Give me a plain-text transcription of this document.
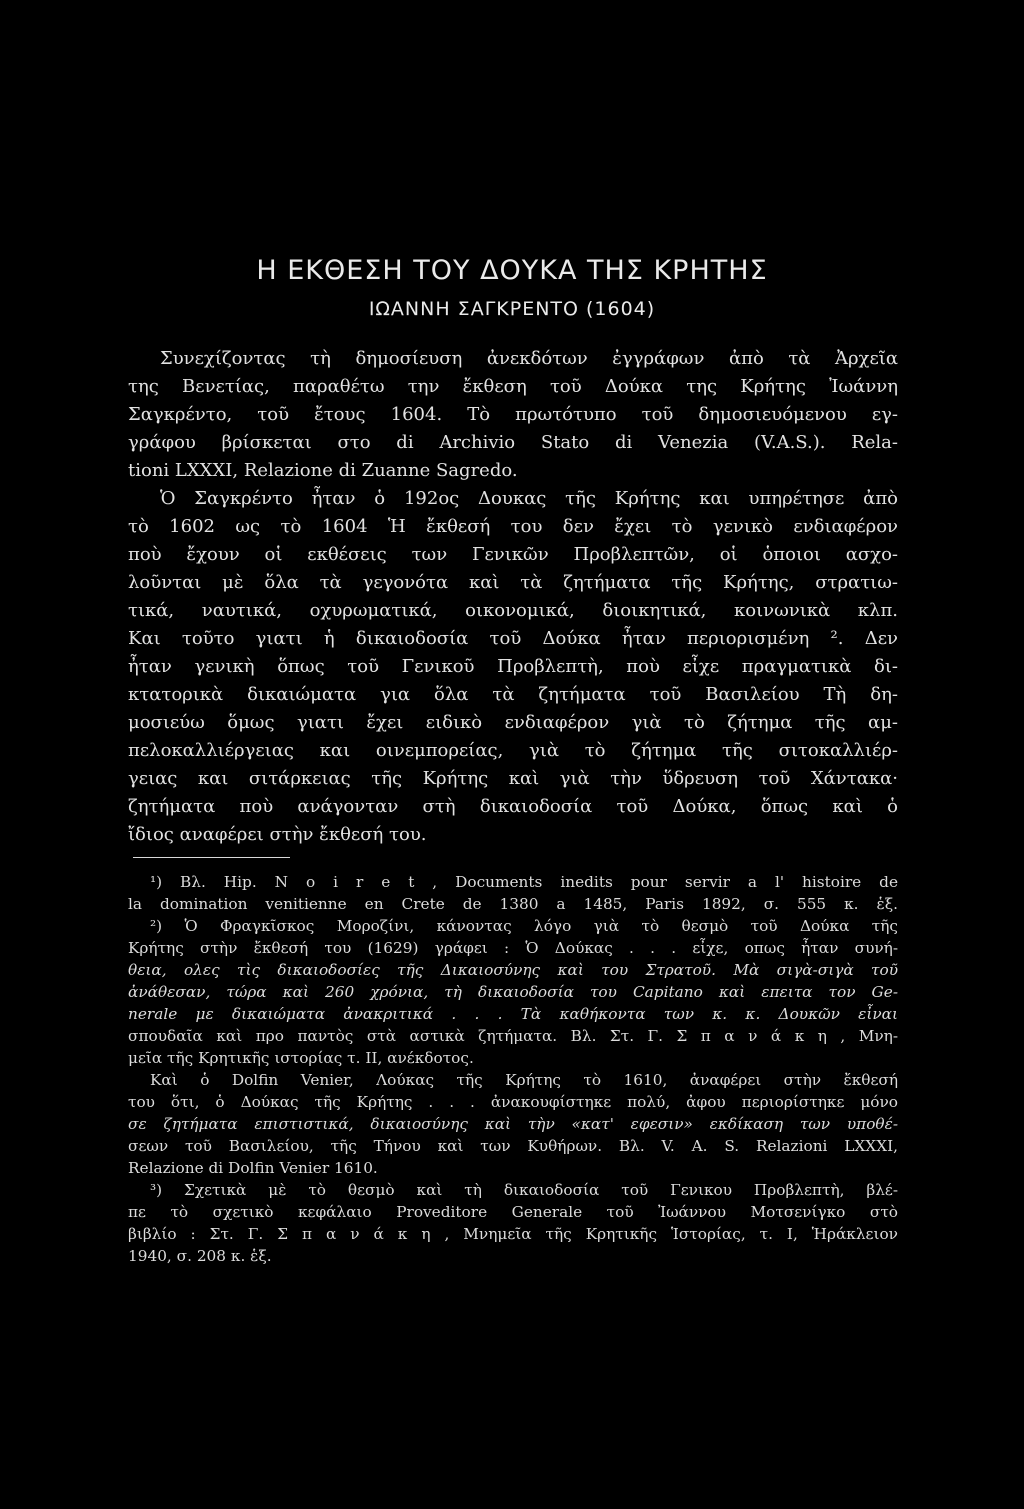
Η ΕΚΘΕΣΗ ΤΟΥ ΔΟΥΚΑ ΤΗΣ ΚΡΗΤΗΣ
ΙΩΑΝΝΗ ΣΑΓΚΡΕΝΤΟ (1604)
Συνεχίζοντας τὴ δημοσίευση ἀνεκδότων ἐγγράφων ἀπὸ τὰ Ἀρχεῖα
της Βενετίας, παραθέτω την ἔκθεση τοῦ Δούκα της Κρήτης Ἰωάννη
Σαγκρέντο, τοῦ ἔτους 1604. Τὸ πρωτότυπο τοῦ δημοσιευόμενου εγ-
γράφου βρίσκεται στο di Archivio Stato di Venezia (V.A.S.). Rela-
tioni LXXXI, Relazione di Zuanne Sagredo.
Ὁ Σαγκρέντο ἦταν ὁ 192ος Δουκας τῆς Κρήτης και υπηρέτησε ἀπὸ
τὸ 1602 ως τὸ 1604 Ἡ ἔκθεσή του δεν ἔχει τὸ γενικὸ ενδιαφέρον
ποὺ ἔχουν οἱ εκθέσεις των Γενικῶν Προβλεπτῶν, οἱ ὁποιοι ασχο-
λοῦνται μὲ ὅλα τὰ γεγονότα καὶ τὰ ζητήματα τῆς Κρήτης, στρατιω-
τικά, ναυτικά, οχυρωματικά, οικονομικά, διοικητικά, κοινωνικὰ κλπ.
Και τοῦτο γιατι ἡ δικαιοδοσία τοῦ Δούκα ἦταν περιορισμένη ². Δεν
ἦταν γενικὴ ὅπως τοῦ Γενικοῦ Προβλεπτὴ, ποὺ εἶχε πραγματικὰ δι-
κτατορικὰ δικαιώματα για ὅλα τὰ ζητήματα τοῦ Βασιλείου Τὴ δη-
μοσιεύω ὅμως γιατι ἔχει ειδικὸ ενδιαφέρον γιὰ τὸ ζήτημα τῆς αμ-
πελοκαλλιέργειας και οινεμπορείας, γιὰ τὸ ζήτημα τῆς σιτοκαλλιέρ-
γειας και σιτάρκειας τῆς Κρήτης καὶ γιὰ τὴν ὕδρευση τοῦ Χάντακα·
ζητήματα ποὺ ανάγονταν στὴ δικαιοδοσία τοῦ Δούκα, ὅπως καὶ ὁ
ἴδιος αναφέρει στὴν ἔκθεσή του.
¹) Βλ. Ηip. N o i r e t , Documents inedits pour servir a l' histoire de
la domination venitienne en Crete de 1380 a 1485, Paris 1892, σ. 555 κ. ἑξ.
²) Ὁ Φραγκῖσκος Μοροζίνι, κάνοντας λόγο γιὰ τὸ θεσμὸ τοῦ Δούκα τῆς
Κρήτης στὴν ἔκθεσή του (1629) γράφει : Ὁ Δούκας . . . εἶχε, οπως ἦταν συνή-
θεια, ολες τὶς δικαιοδοσίες τῆς Δικαιοσύνης καὶ του Στρατοῦ. Μὰ σιγὰ-σιγὰ τοῦ
ἀνάθεσαν, τώρα καὶ 260 χρόνια, τὴ δικαιοδοσία του Capitano καὶ επειτα τον Ge-
nerale με δικαιώματα ἀνακριτικά . . . Τὰ καθήκοντα των κ. κ. Δουκῶν εἶναι
σπουδαῖα καὶ προ παντὸς στὰ αστικὰ ζητήματα. Βλ. Στ. Γ. Σ π α ν ά κ η , Μνη-
μεῖα τῆς Κρητικῆς ιστορίας τ. ΙΙ, ανέκδοτος.
Καὶ ὁ Dolfin Venier, Λούκας τῆς Κρήτης τὸ 1610, ἀναφέρει στὴν ἔκθεσή
του ὅτι, ὁ Δούκας τῆς Κρήτης . . . ἀνακουφίστηκε πολύ, ἀφου περιορίστηκε μόνο
σε ζητήματα επιστιστικά, δικαιοσύνης καὶ τὴν «κατ' εφεσιν» εκδίκαση των υποθέ-
σεων τοῦ Βασιλείου, τῆς Τήνου καὶ των Κυθήρων. Βλ. V. A. S. Relazioni LXXXI,
Relazione di Dolfin Venier 1610.
³) Σχετικὰ μὲ τὸ θεσμὸ καὶ τὴ δικαιοδοσία τοῦ Γενικου Προβλεπτὴ, βλέ-
πε τὸ σχετικὸ κεφάλαιο Proveditore Generale τοῦ Ἰωάννου Μοτσενίγκο στὸ
βιβλίο : Στ. Γ. Σ π α ν ά κ η , Μνημεῖα τῆς Κρητικῆς Ἱστορίας, τ. Ι, Ἡράκλειον
1940, σ. 208 κ. ἑξ.
